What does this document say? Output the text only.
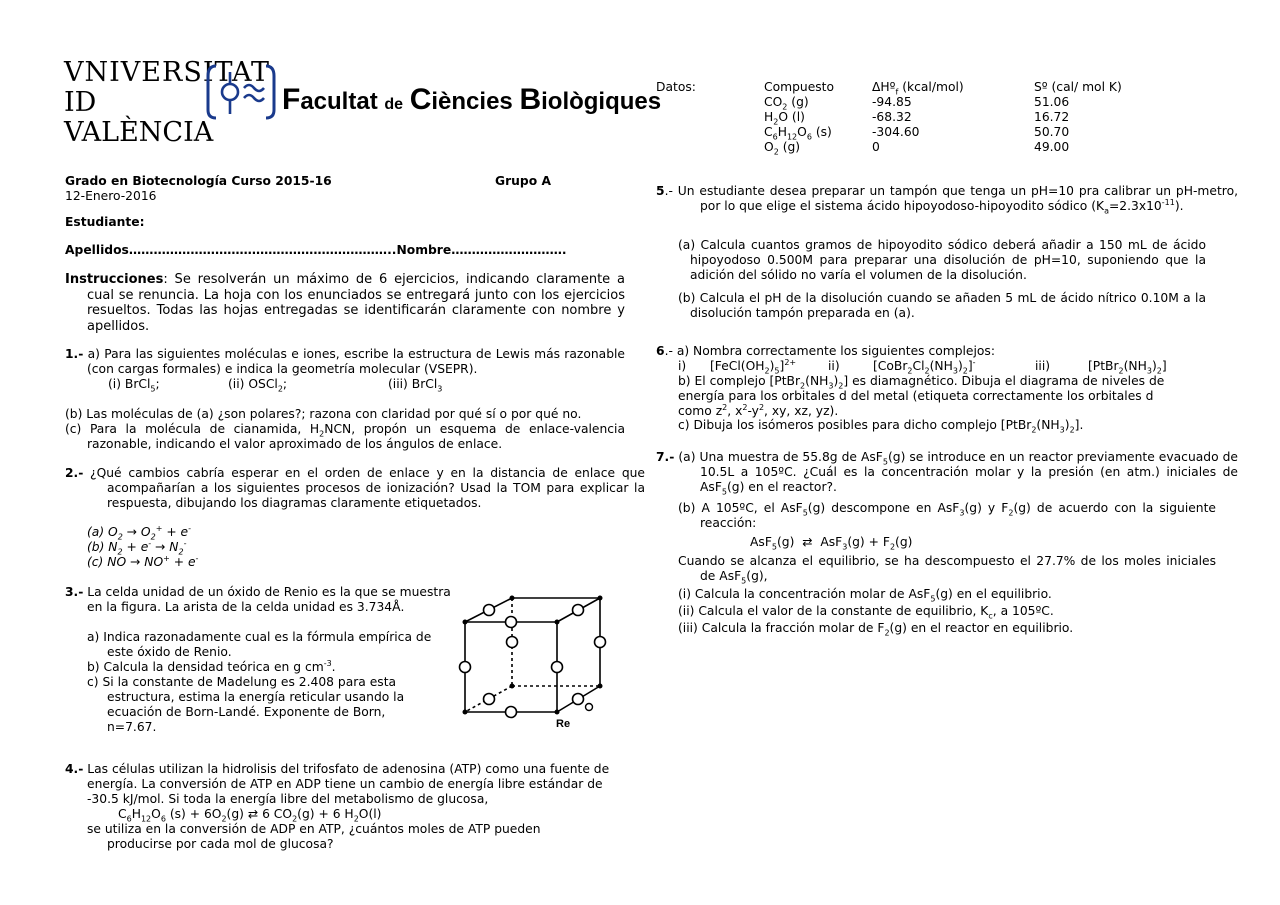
VNIVERSITAT
ID VALÈNCIA
Facultat de Ciències Biològiques
Grado en Biotecnología Curso 2015-16	Grupo A
12-Enero-2016
Estudiante:
Apellidos………………………………………………………..Nombre……………………….
Instrucciones: Se resolverán un máximo de 6 ejercicios, indicando claramente a cual se renuncia. La hoja con los enunciados se entregará junto con los ejercicios resueltos. Todas las hojas entregadas se identificarán claramente con nombre y apellidos.
1.- a) Para las siguientes moléculas e iones, escribe la estructura de Lewis más razonable (con cargas formales) e indica la geometría molecular (VSEPR).
(i) BrCl$_5$;	(ii) OSCl$_2$;	(iii) BrCl$_3$
(b) Las moléculas de (a) ¿son polares?; razona con claridad por qué sí o por qué no.
(c) Para la molécula de cianamida, $H_2NCN$, propón un esquema de enlace-valencia razonable, indicando el valor aproximado de los ángulos de enlace.
2.- ¿Qué cambios cabría esperar en el orden de enlace y en la distancia de enlace que acompañarían a los siguientes procesos de ionización? Usad la TOM para explicar la respuesta, dibujando los diagramas claramente etiquetados.
(a) $O_2 \to O_2^+ + e^-$
(b) $N_2 + e^- \to N_2^-$
(c) NO → NO+ + e-
3.- La celda unidad de un óxido de Renio es la que se muestra en la figura. La arista de la celda unidad es 3.734Å.
a) Indica razonadamente cual es la fórmula empírica de este óxido de Renio.
b) Calcula la densidad teórica en g $cm^{-3}$.
c) Si la constante de Madelung es 2.408 para esta estructura, estima la energía reticular usando la ecuación de Born-Landé. Exponente de Born, n=7.67.	Re
4.- Las células utilizan la hidrolisis del trifosfato de adenosina (ATP) como una fuente de energía. La conversión de ATP en ADP tiene un cambio de energía libre estándar de -30.5 kJ/mol. Si toda la energía libre del metabolismo de glucosa,
$C_6H_{12}O_6$ $(s) + 6O_2(g)$ ⇄ 6 $CO_2(g) + 6$ $H_2O(l)$
se utiliza en la conversión de ADP en ATP, ¿cuántos moles de ATP pueden producirse por cada mol de glucosa?
Datos:	Compuesto	ΔHº$_f$ (kcal/mol)	Sº (cal/ mol K)
$CO_2$ (g)	-94.85	51.06
$H_2O$ (l)	-68.32	16.72
$C_6H_{12}O_6$ (s)	-304.60	50.70
$O_2$ (g)	0	49.00
5.- Un estudiante desea preparar un tampón que tenga un pH=10 pra calibrar un pH-metro, por lo que elige el sistema ácido hipoyodoso-hipoyodito sódico $(K_a=2.3x10^{-11})$.
(a) Calcula cuantos gramos de hipoyodito sódico deberá añadir a 150 mL de ácido hipoyodoso 0.500M para preparar una disolución de pH=10, suponiendo que la adición del sólido no varía el volumen de la disolución.
(b) Calcula el pH de la disolución cuando se añaden 5 mL de ácido nítrico 0.10M a la disolución tampón preparada en (a).
6.- a) Nombra correctamente los siguientes complejos:
i) $[FeCl(OH_2)_5]^{2+}$	ii)	$[CoBr_2Cl_2(NH_3)_2]^-$	iii)	$[PtBr_2(NH_3)_2]$
b) El complejo $[PtBr_2(NH_3)_2]$ es diamagnético. Dibuja el diagrama de niveles de energía para los orbitales d del metal (etiqueta correctamente los orbitales d como $z^2$, $x^2-y^2$, xy, xz, yz).
c) Dibuja los isómeros posibles para dicho complejo $[PtBr_2(NH_3)_2]$.
7.- (a) Una muestra de 55.8g de AsF$_5$(g) se introduce en un reactor previamente evacuado de 10.5L a 105ºC. ¿Cuál es la concentración molar y la presión (en atm.) iniciales de AsF$_5$(g) en el reactor?.
(b) A 105ºC, el AsF$_5$(g) descompone en AsF$_3$(g) y $F_2(g)$ de acuerdo con la siguiente reacción:
AsF$_5$(g)  ⇄  $AsF_3(g) + F_2(g)$
Cuando se alcanza el equilibrio, se ha descompuesto el 27.7% de los moles iniciales de AsF$_5$(g),
(i) Calcula la concentración molar de AsF$_5$(g) en el equilibrio.
(ii) Calcula el valor de la constante de equilibrio, $K_c$, a 105ºC.
(iii) Calcula la fracción molar de $F_2(g)$ en el reactor en equilibrio.
